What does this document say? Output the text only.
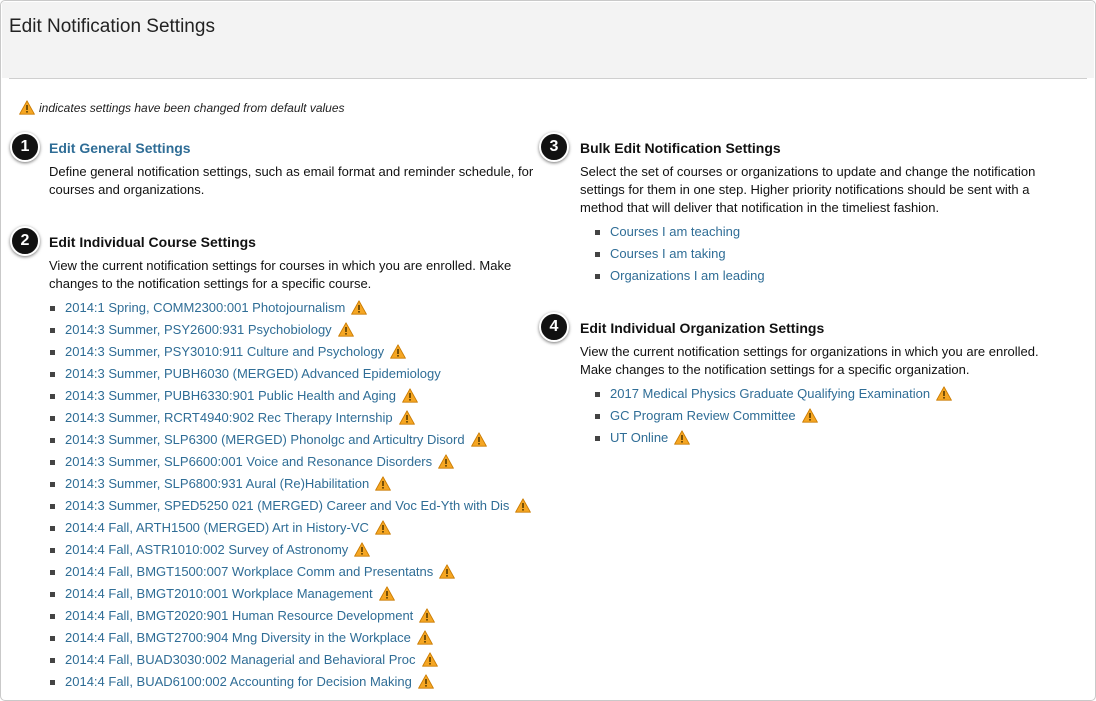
Edit Notification Settings
indicates settings have been changed from default values
1	Edit General Settings

Define general notification settings, such as email format and reminder schedule, for courses and organizations.

2	Edit Individual Course Settings

View the current notification settings for courses in which you are enrolled. Make changes to the notification settings for a specific course.

2014:1 Spring, COMM2300:001 Photojournalism
2014:3 Summer, PSY2600:931 Psychobiology
2014:3 Summer, PSY3010:911 Culture and Psychology
2014:3 Summer, PUBH6030 (MERGED) Advanced Epidemiology
2014:3 Summer, PUBH6330:901 Public Health and Aging
2014:3 Summer, RCRT4940:902 Rec Therapy Internship
2014:3 Summer, SLP6300 (MERGED) Phonolgc and Articultry Disord
2014:3 Summer, SLP6600:001 Voice and Resonance Disorders
2014:3 Summer, SLP6800:931 Aural (Re)Habilitation
2014:3 Summer, SPED5250 021 (MERGED) Career and Voc Ed-Yth with Dis
2014:4 Fall, ARTH1500 (MERGED) Art in History-VC
2014:4 Fall, ASTR1010:002 Survey of Astronomy
2014:4 Fall, BMGT1500:007 Workplace Comm and Presentatns
2014:4 Fall, BMGT2010:001 Workplace Management
2014:4 Fall, BMGT2020:901 Human Resource Development
2014:4 Fall, BMGT2700:904 Mng Diversity in the Workplace
2014:4 Fall, BUAD3030:002 Managerial and Behavioral Proc
2014:4 Fall, BUAD6100:002 Accounting for Decision Making
3	Bulk Edit Notification Settings

Select the set of courses or organizations to update and change the notification settings for them in one step. Higher priority notifications should be sent with a method that will deliver that notification in the timeliest fashion.

Courses I am teaching
Courses I am taking
Organizations I am leading
4	Edit Individual Organization Settings

View the current notification settings for organizations in which you are enrolled. Make changes to the notification settings for a specific organization.

2017 Medical Physics Graduate Qualifying Examination
GC Program Review Committee
UT Online
